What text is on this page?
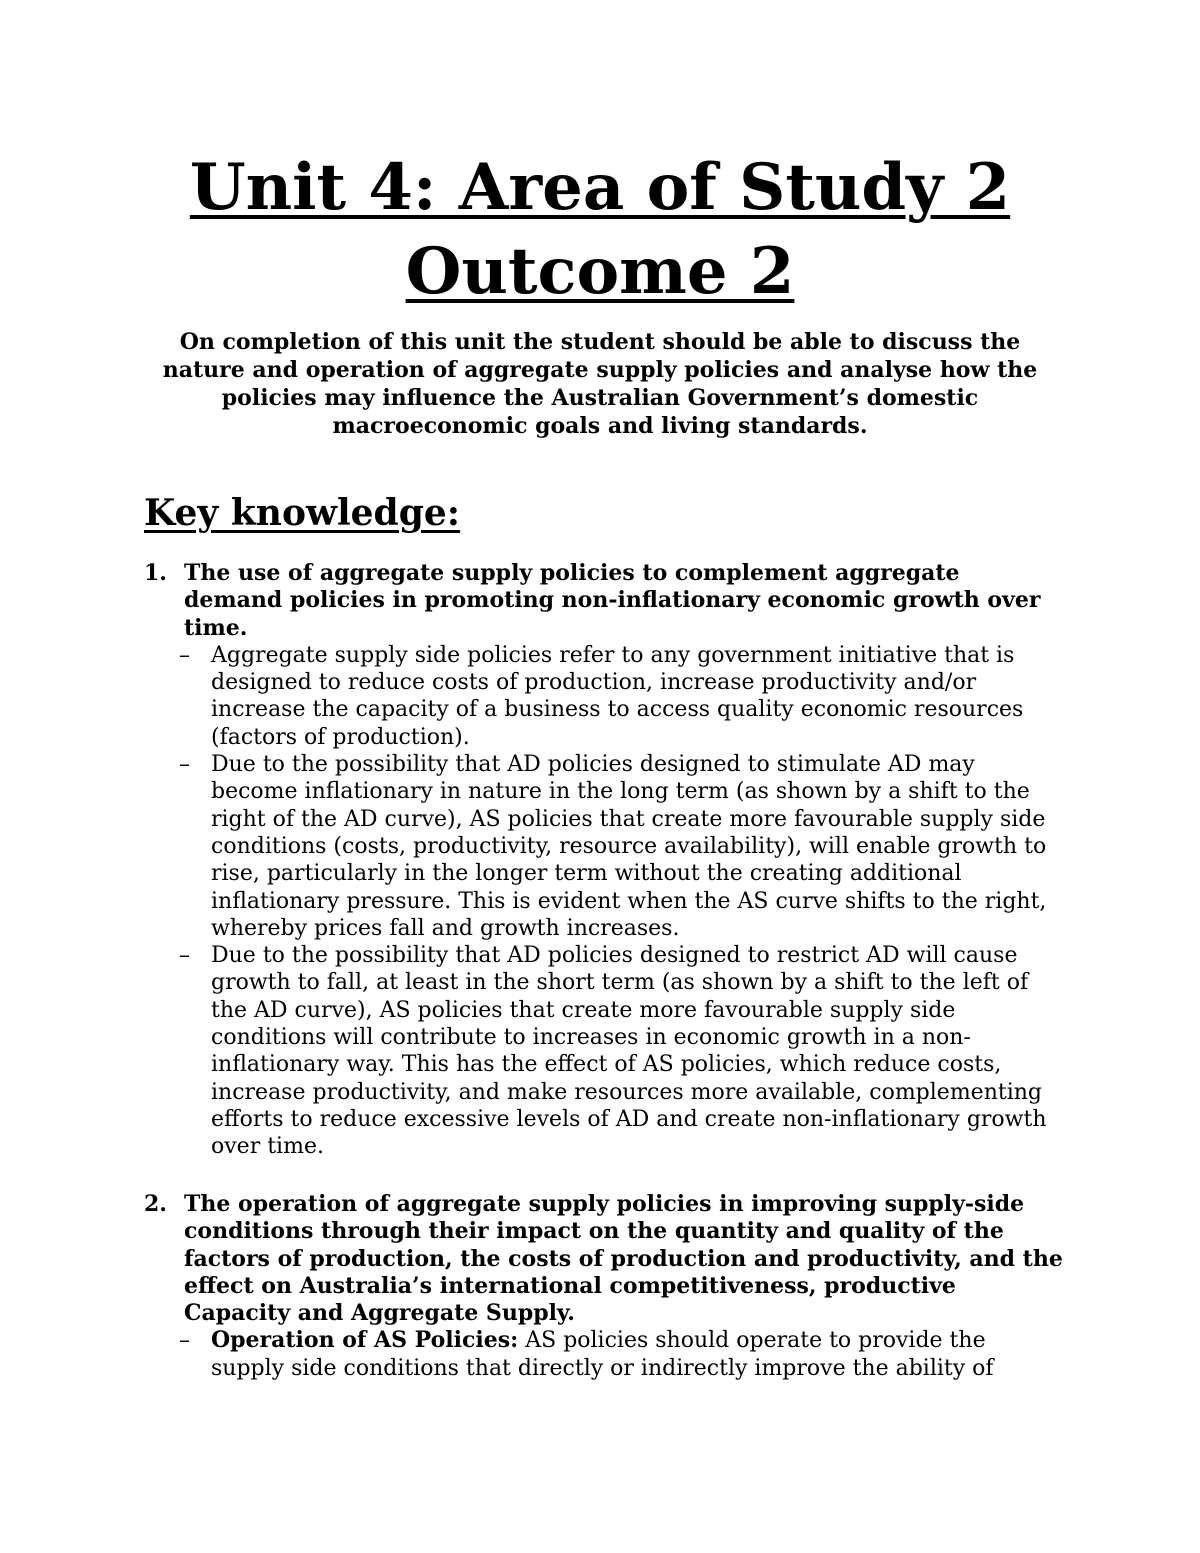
Unit 4: Area of Study 2
Outcome 2
On completion of this unit the student should be able to discuss the nature and operation of aggregate supply policies and analyse how the policies may influence the Australian Government’s domestic macroeconomic goals and living standards.
Key knowledge:
1. The use of aggregate supply policies to complement aggregate demand policies in promoting non-inflationary economic growth over time.
– Aggregate supply side policies refer to any government initiative that is designed to reduce costs of production, increase productivity and/or increase the capacity of a business to access quality economic resources (factors of production).
– Due to the possibility that AD policies designed to stimulate AD may become inflationary in nature in the long term (as shown by a shift to the right of the AD curve), AS policies that create more favourable supply side conditions (costs, productivity, resource availability), will enable growth to rise, particularly in the longer term without the creating additional inflationary pressure. This is evident when the AS curve shifts to the right, whereby prices fall and growth increases.
– Due to the possibility that AD policies designed to restrict AD will cause growth to fall, at least in the short term (as shown by a shift to the left of the AD curve), AS policies that create more favourable supply side conditions will contribute to increases in economic growth in a non-inflationary way. This has the effect of AS policies, which reduce costs, increase productivity, and make resources more available, complementing efforts to reduce excessive levels of AD and create non-inflationary growth over time.
2. The operation of aggregate supply policies in improving supply-side conditions through their impact on the quantity and quality of the factors of production, the costs of production and productivity, and the effect on Australia’s international competitiveness, productive Capacity and Aggregate Supply.
– Operation of AS Policies: AS policies should operate to provide the supply side conditions that directly or indirectly improve the ability of
